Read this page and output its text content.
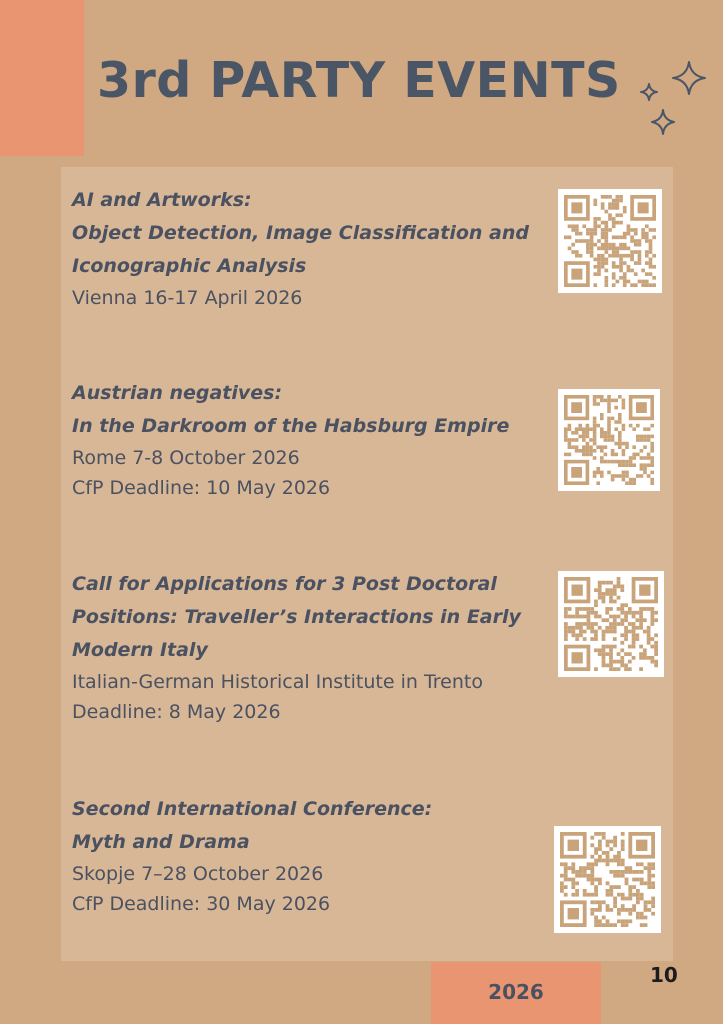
3rd PARTY EVENTS
AI and Artworks:
Object Detection, Image Classification and
Iconographic Analysis
Vienna 16-17 April 2026
Austrian negatives:
In the Darkroom of the Habsburg Empire
Rome 7-8 October 2026
CfP Deadline: 10 May 2026
Call for Applications for 3 Post Doctoral
Positions: Traveller’s Interactions in Early
Modern Italy
Italian-German Historical Institute in Trento
Deadline: 8 May 2026
Second International Conference:
Myth and Drama
Skopje 7–28 October 2026
CfP Deadline: 30 May 2026
2026
10
